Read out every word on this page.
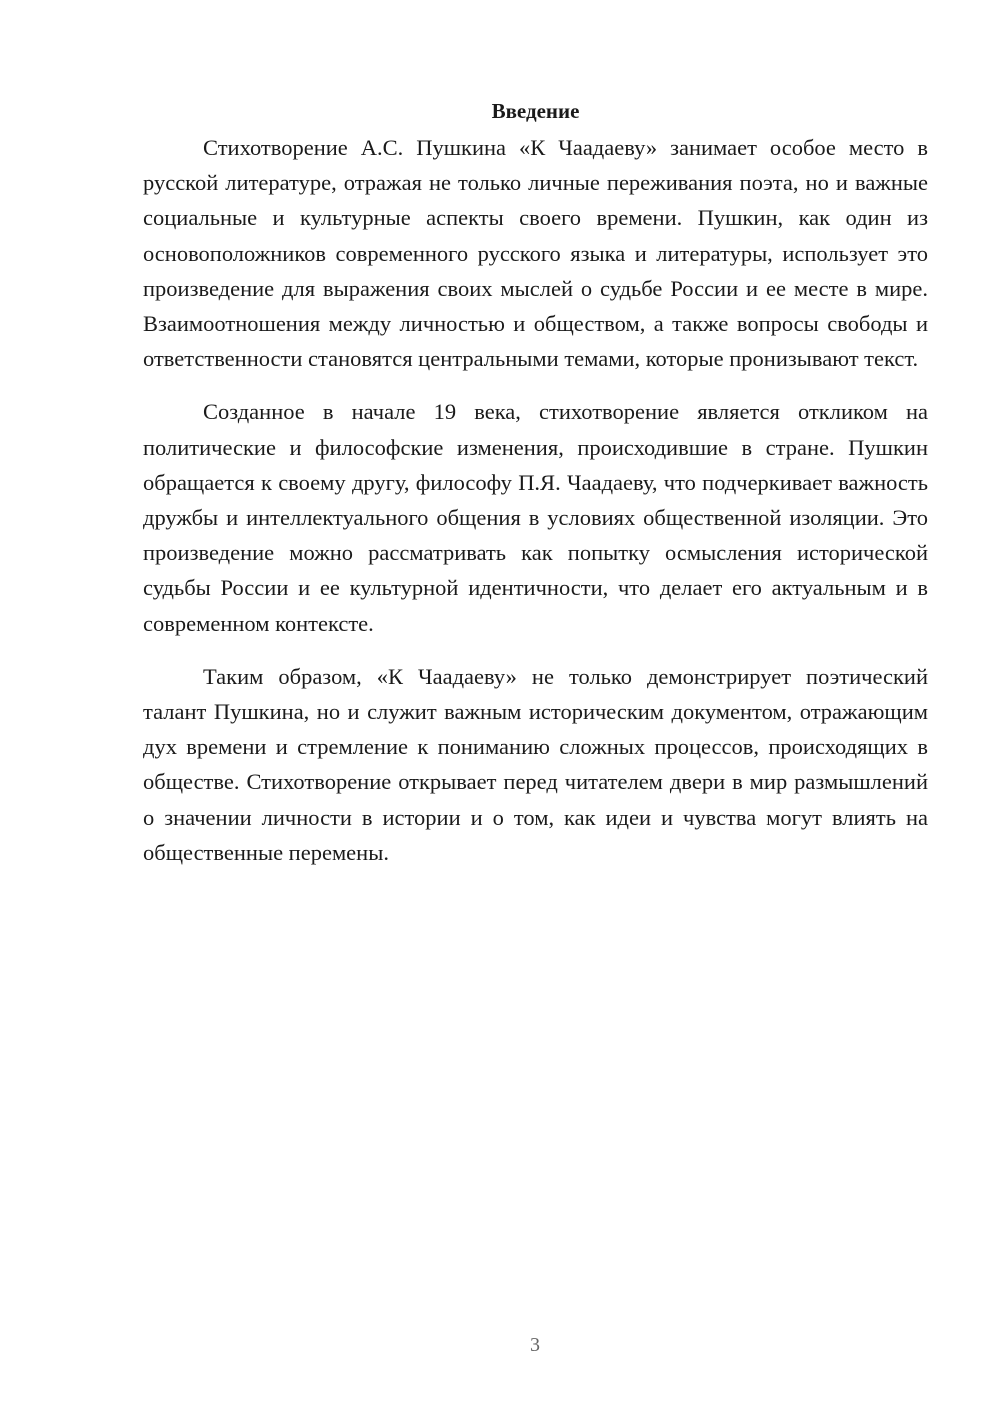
Введение

Стихотворение А.С. Пушкина «К Чаадаеву» занимает особое место в русской литературе, отражая не только личные переживания поэта, но и важные социальные и культурные аспекты своего времени. Пушкин, как один из основоположников современного русского языка и литературы, использует это произведение для выражения своих мыслей о судьбе России и ее месте в мире. Взаимоотношения между личностью и обществом, а также вопросы свободы и ответственности становятся центральными темами, которые пронизывают текст.

Созданное в начале 19 века, стихотворение является откликом на политические и философские изменения, происходившие в стране. Пушкин обращается к своему другу, философу П.Я. Чаадаеву, что подчеркивает важность дружбы и интеллектуального общения в условиях общественной изоляции. Это произведение можно рассматривать как попытку осмысления исторической судьбы России и ее культурной идентичности, что делает его актуальным и в современном контексте.

Таким образом, «К Чаадаеву» не только демонстрирует поэтический талант Пушкина, но и служит важным историческим документом, отражающим дух времени и стремление к пониманию сложных процессов, происходящих в обществе. Стихотворение открывает перед читателем двери в мир размышлений о значении личности в истории и о том, как идеи и чувства могут влиять на общественные перемены.

3
